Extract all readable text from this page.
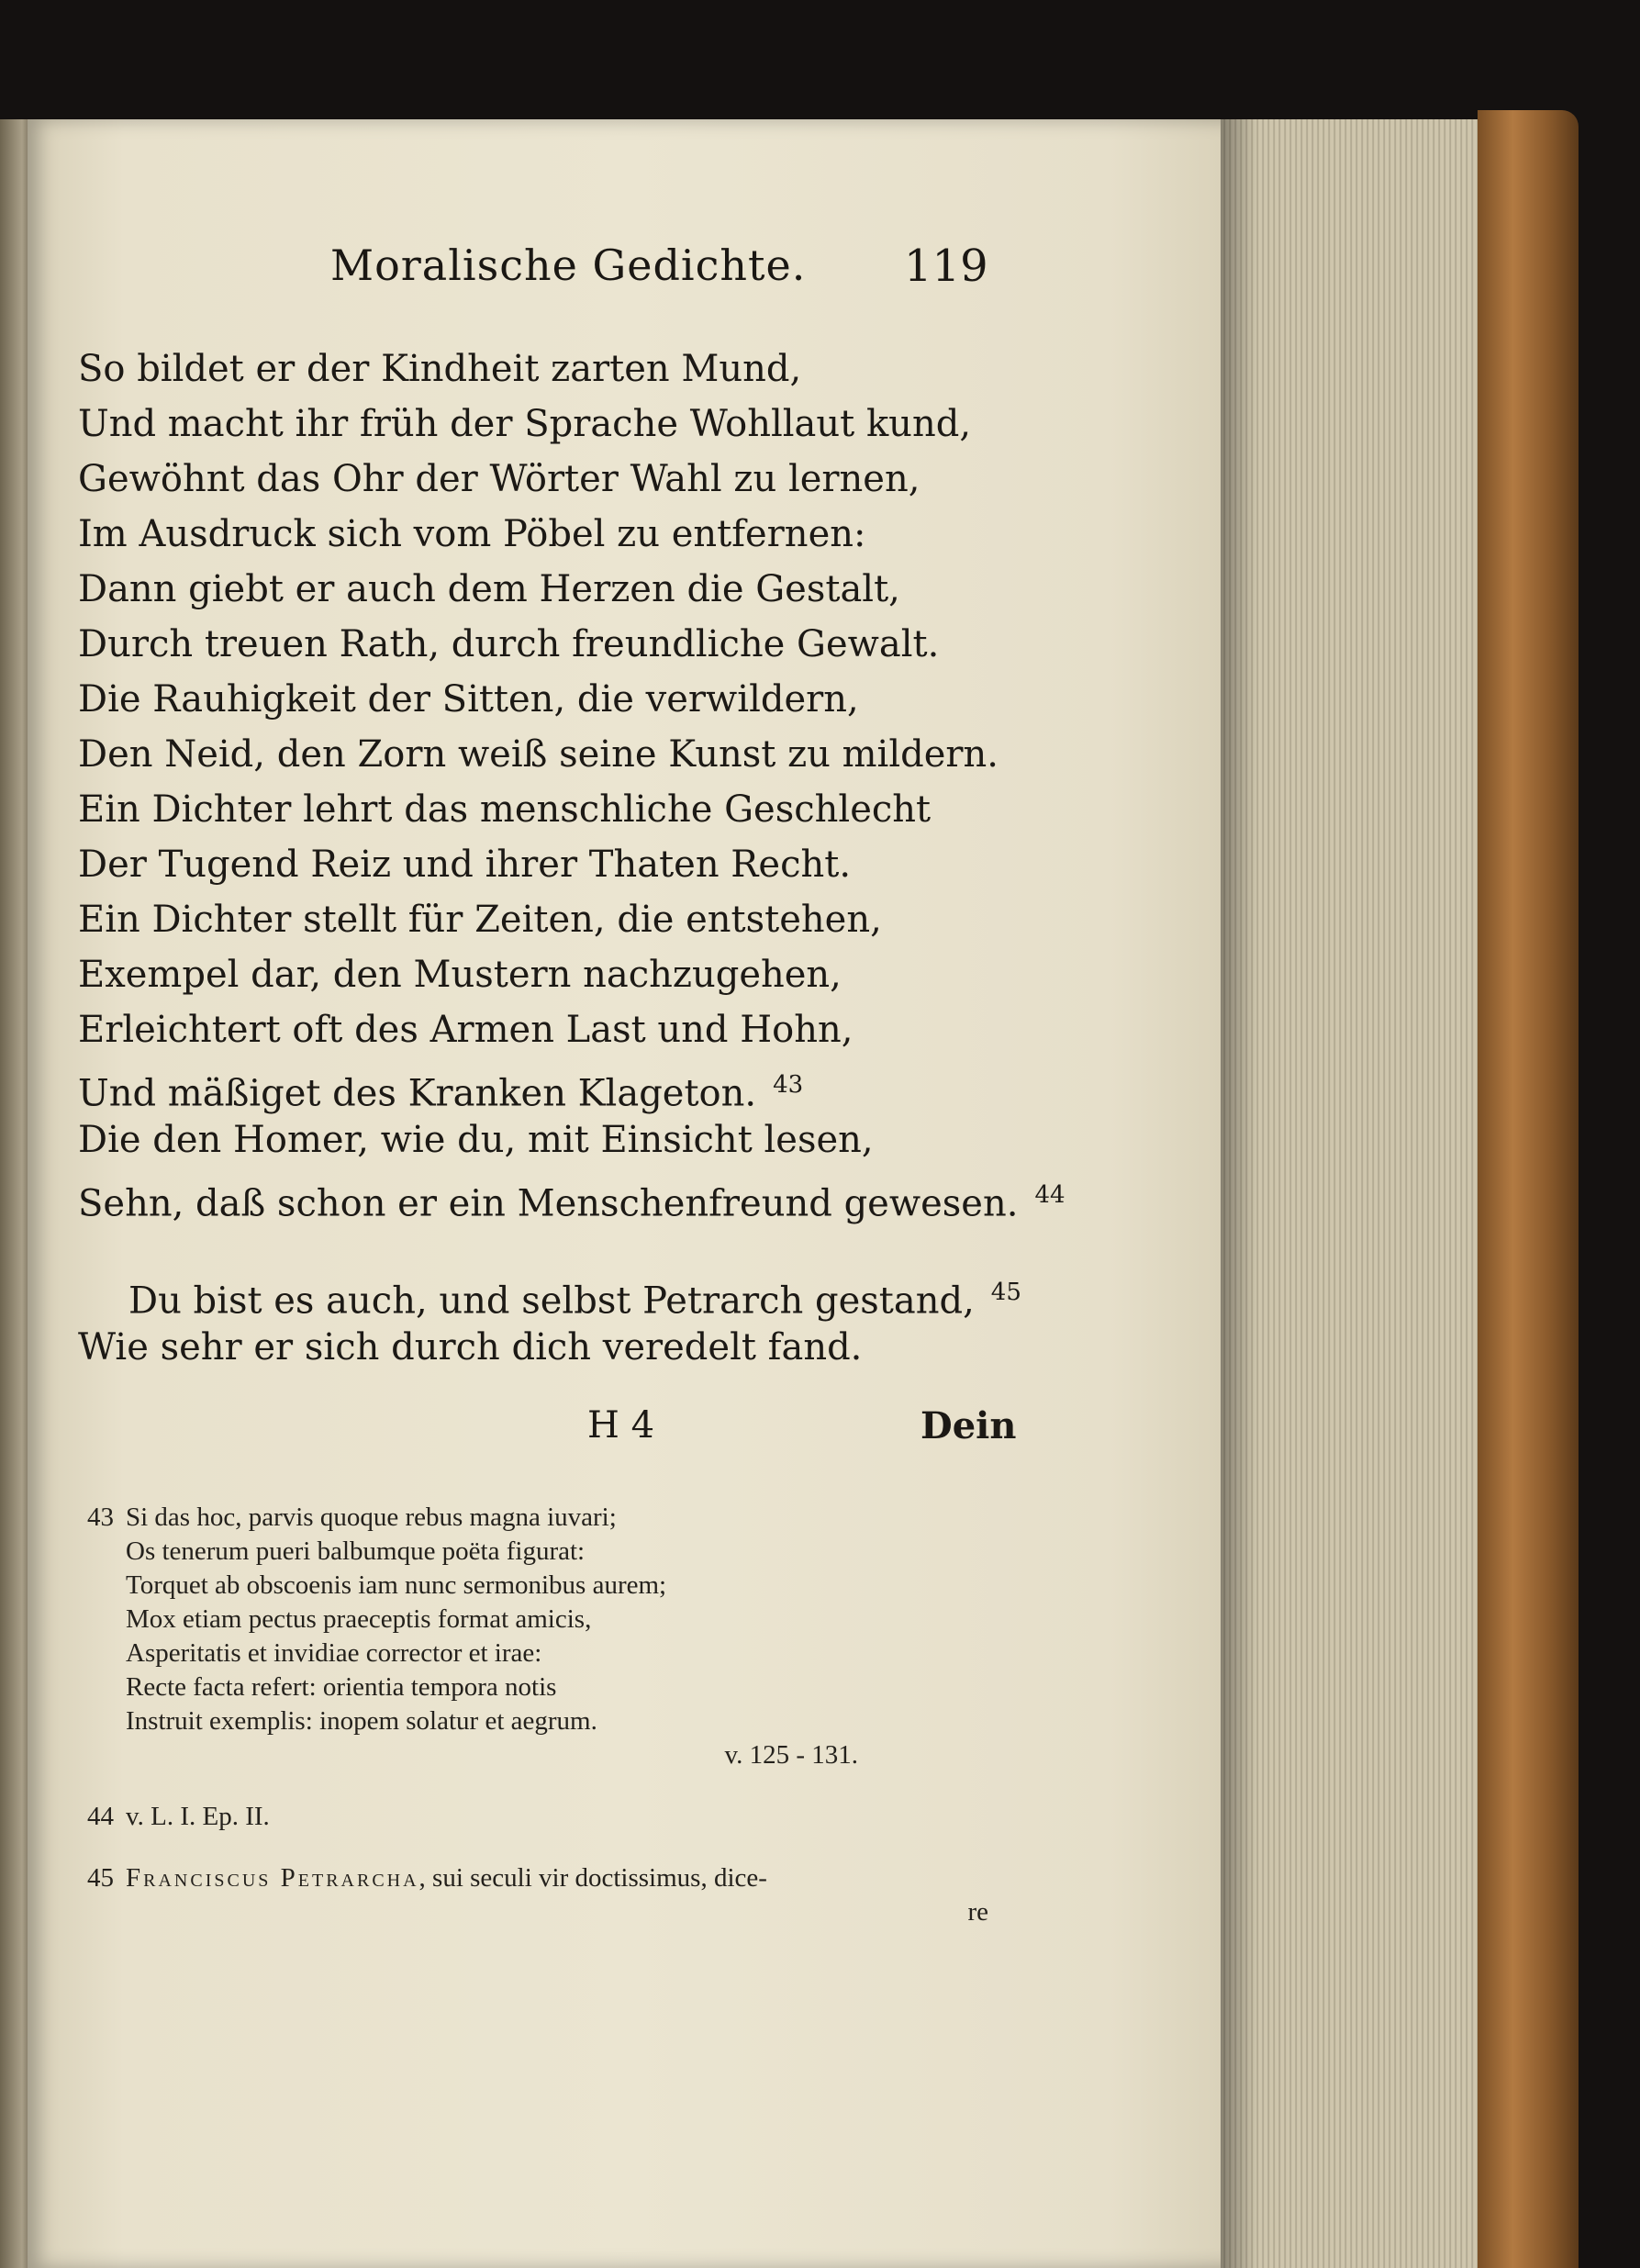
Moralische Gedichte. 119
So bildet er der Kindheit zarten Mund,
Und macht ihr früh der Sprache Wohllaut kund,
Gewöhnt das Ohr der Wörter Wahl zu lernen,
Im Ausdruck sich vom Pöbel zu entfernen:
Dann giebt er auch dem Herzen die Gestalt,
Durch treuen Rath, durch freundliche Gewalt.
Die Rauhigkeit der Sitten, die verwildern,
Den Neid, den Zorn weiß seine Kunst zu mildern.
Ein Dichter lehrt das menschliche Geschlecht
Der Tugend Reiz und ihrer Thaten Recht.
Ein Dichter stellt für Zeiten, die entstehen,
Exempel dar, den Mustern nachzugehen,
Erleichtert oft des Armen Last und Hohn,
Und mäßiget des Kranken Klageton. $^{43}$
Die den Homer, wie du, mit Einsicht lesen,
Sehn, daß schon er ein Menschenfreund gewesen. $^{44}$
Du bist es auch, und selbst Petrarch gestand, $^{45}$
Wie sehr er sich durch dich veredelt fand.
H 4	Dein
43 Si das hoc, parvis quoque rebus magna iuvari;
Os tenerum pueri balbumque poëta figurat:
Torquet ab obscoenis iam nunc sermonibus aurem;
Mox etiam pectus praeceptis format amicis,
Asperitatis et invidiae corrector et irae:
Recte facta refert: orientia tempora notis
Instruit exemplis: inopem solatur et aegrum.
v. 125 - 131.
44 v. L. I. Ep. II.
45 Franciscus Petrarcha, sui seculi vir doctissimus, dice-
re
